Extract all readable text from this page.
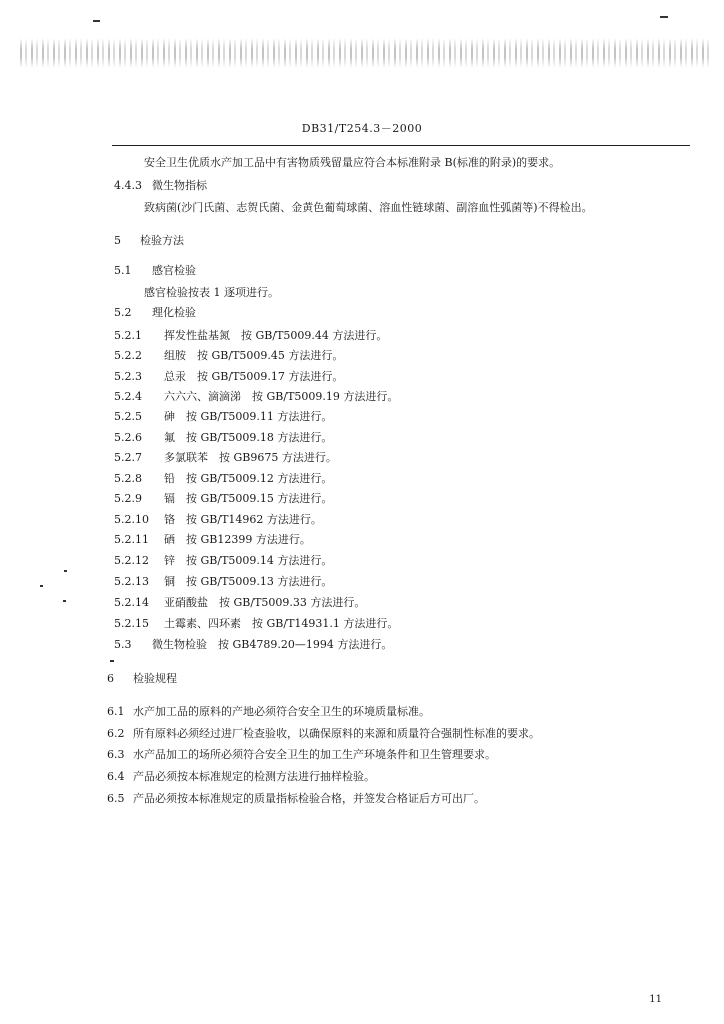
DB31/T254.3－2000
安全卫生优质水产加工品中有害物质残留量应符合本标准附录 B(标准的附录)的要求。
4.4.3 微生物指标
致病菌(沙门氏菌、志贺氏菌、金黄色葡萄球菌、溶血性链球菌、副溶血性弧菌等)不得检出。
5 检验方法
5.1 感官检验
感官检验按表 1 逐项进行。
5.2 理化检验
5.2.1 挥发性盐基氮　按 GB/T5009.44 方法进行。
5.2.2 组胺　按 GB/T5009.45 方法进行。
5.2.3 总汞　按 GB/T5009.17 方法进行。
5.2.4 六六六、滴滴涕　按 GB/T5009.19 方法进行。
5.2.5 砷　按 GB/T5009.11 方法进行。
5.2.6 氟　按 GB/T5009.18 方法进行。
5.2.7 多氯联苯　按 GB9675 方法进行。
5.2.8 铅　按 GB/T5009.12 方法进行。
5.2.9 镉　按 GB/T5009.15 方法进行。
5.2.10 铬　按 GB/T14962 方法进行。
5.2.11 硒　按 GB12399 方法进行。
5.2.12 锌　按 GB/T5009.14 方法进行。
5.2.13 铜　按 GB/T5009.13 方法进行。
5.2.14 亚硝酸盐　按 GB/T5009.33 方法进行。
5.2.15 土霉素、四环素　按 GB/T14931.1 方法进行。
5.3 微生物检验　按 GB4789.20—1994 方法进行。
6 检验规程
6.1 水产加工品的原料的产地必须符合安全卫生的环境质量标准。
6.2 所有原料必须经过进厂检查验收，以确保原料的来源和质量符合强制性标准的要求。
6.3 水产品加工的场所必须符合安全卫生的加工生产环境条件和卫生管理要求。
6.4 产品必须按本标准规定的检测方法进行抽样检验。
6.5 产品必须按本标准规定的质量指标检验合格，并签发合格证后方可出厂。
11
